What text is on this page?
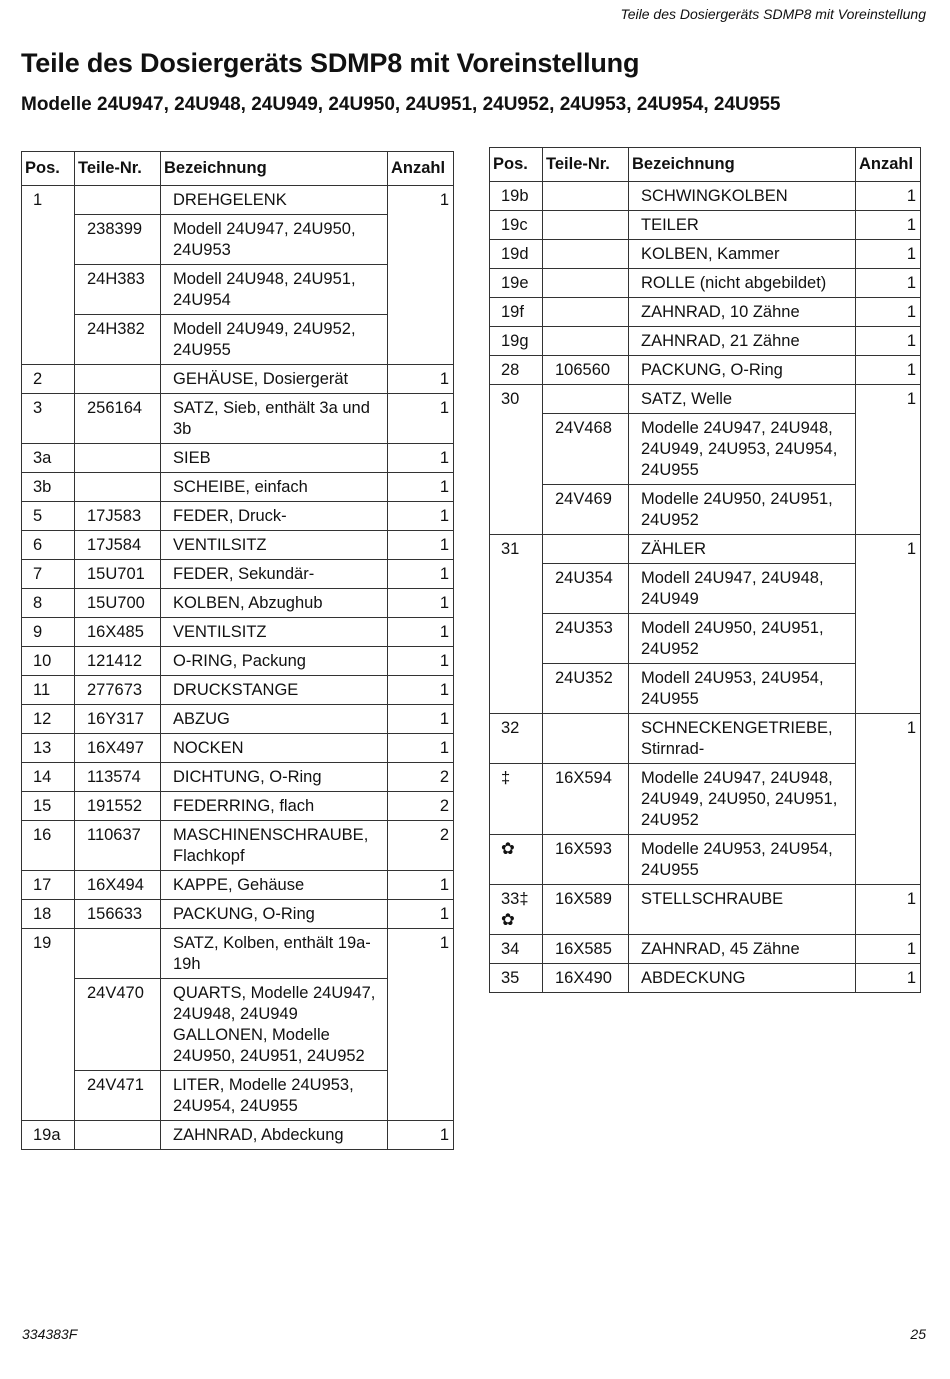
Teile des Dosiergeräts SDMP8 mit Voreinstellung
Teile des Dosiergeräts SDMP8 mit Voreinstellung
Modelle 24U947, 24U948, 24U949, 24U950, 24U951, 24U952, 24U953, 24U954, 24U955
Pos.	Teile-Nr.	Bezeichnung	Anzahl
1		DREHGELENK	1
	238399	Modell 24U947, 24U950, 24U953	
	24H383	Modell 24U948, 24U951, 24U954	
	24H382	Modell 24U949, 24U952, 24U955	
2		GEHÄUSE, Dosiergerät	1
3	256164	SATZ, Sieb, enthält 3a und 3b	1
3a		SIEB	1
3b		SCHEIBE, einfach	1
5	17J583	FEDER, Druck-	1
6	17J584	VENTILSITZ	1
7	15U701	FEDER, Sekundär-	1
8	15U700	KOLBEN, Abzughub	1
9	16X485	VENTILSITZ	1
10	121412	O-RING, Packung	1
11	277673	DRUCKSTANGE	1
12	16Y317	ABZUG	1
13	16X497	NOCKEN	1
14	113574	DICHTUNG, O-Ring	2
15	191552	FEDERRING, flach	2
16	110637	MASCHINENSCHRAUBE, Flachkopf	2
17	16X494	KAPPE, Gehäuse	1
18	156633	PACKUNG, O-Ring	1
19		SATZ, Kolben, enthält 19a-19h	1
	24V470	QUARTS, Modelle 24U947, 24U948, 24U949 GALLONEN, Modelle 24U950, 24U951, 24U952	
	24V471	LITER, Modelle 24U953, 24U954, 24U955	
19a		ZAHNRAD, Abdeckung	1
Pos.	Teile-Nr.	Bezeichnung	Anzahl
19b		SCHWINGKOLBEN	1
19c		TEILER	1
19d		KOLBEN, Kammer	1
19e		ROLLE (nicht abgebildet)	1
19f		ZAHNRAD, 10 Zähne	1
19g		ZAHNRAD, 21 Zähne	1
28	106560	PACKUNG, O-Ring	1
30		SATZ, Welle	1
	24V468	Modelle 24U947, 24U948, 24U949, 24U953, 24U954, 24U955	
	24V469	Modelle 24U950, 24U951, 24U952	
31		ZÄHLER	1
	24U354	Modell 24U947, 24U948, 24U949	
	24U353	Modell 24U950, 24U951, 24U952	
	24U352	Modell 24U953, 24U954, 24U955	
32		SCHNECKENGETRIEBE, Stirnrad-	1
‡	16X594	Modelle 24U947, 24U948, 24U949, 24U950, 24U951, 24U952	
✿	16X593	Modelle 24U953, 24U954, 24U955	
33‡ ✿	16X589	STELLSCHRAUBE	1
34	16X585	ZAHNRAD, 45 Zähne	1
35	16X490	ABDECKUNG	1
334383F	25
